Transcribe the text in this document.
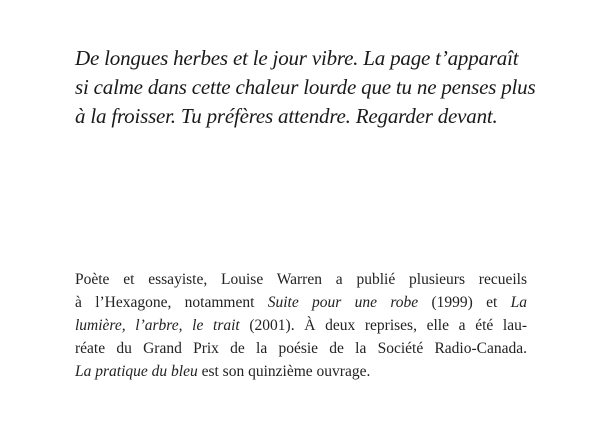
De longues herbes et le jour vibre. La page t’apparaît
si calme dans cette chaleur lourde que tu ne penses plus
à la froisser. Tu préfères attendre. Regarder devant.
Poète et essayiste, Louise Warren a publié plusieurs recueils
à l’Hexagone, notamment Suite pour une robe (1999) et La
lumière, l’arbre, le trait (2001). À deux reprises, elle a été lau-
réate du Grand Prix de la poésie de la Société Radio-Canada.
La pratique du bleu est son quinzième ouvrage.
